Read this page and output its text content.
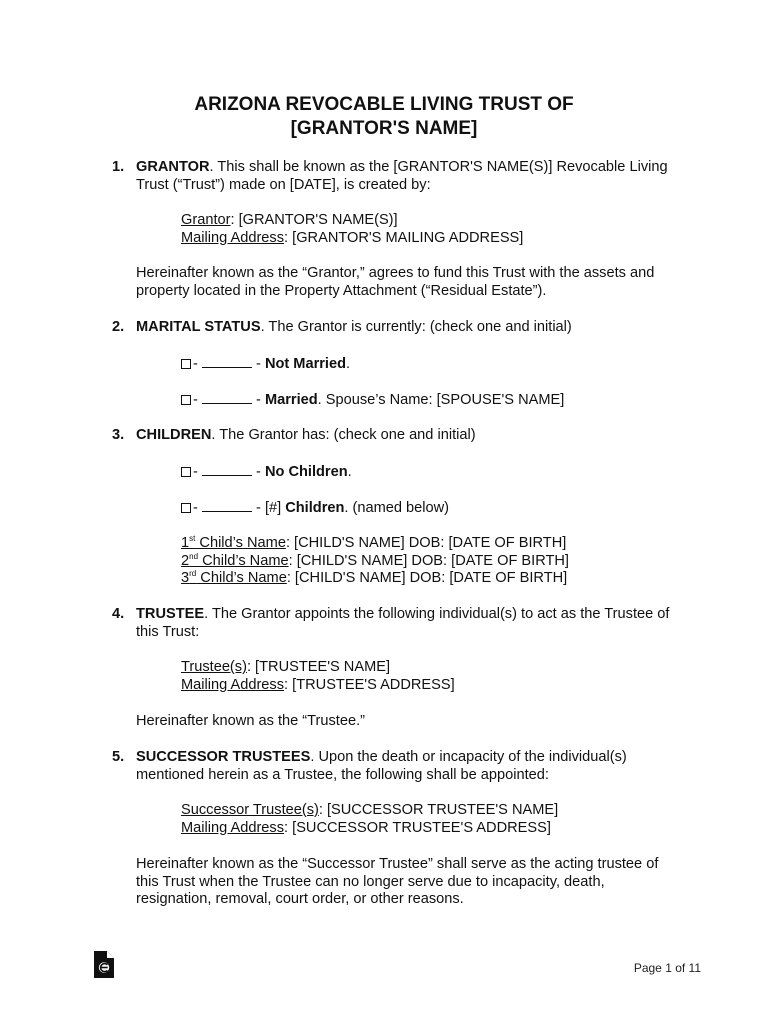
ARIZONA REVOCABLE LIVING TRUST OF
[GRANTOR'S NAME]
1. GRANTOR. This shall be known as the [GRANTOR'S NAME(S)] Revocable Living Trust (“Trust”) made on [DATE], is created by:
Grantor: [GRANTOR'S NAME(S)]
Mailing Address: [GRANTOR'S MAILING ADDRESS]
Hereinafter known as the “Grantor,” agrees to fund this Trust with the assets and property located in the Property Attachment (“Residual Estate”).
2. MARITAL STATUS. The Grantor is currently: (check one and initial)
-	- Not Married.
-	- Married. Spouse’s Name: [SPOUSE'S NAME]
3. CHILDREN. The Grantor has: (check one and initial)
-	- No Children.
-	- [#] Children. (named below)
1st Child’s Name: [CHILD'S NAME] DOB: [DATE OF BIRTH]
2nd Child’s Name: [CHILD'S NAME] DOB: [DATE OF BIRTH]
3rd Child’s Name: [CHILD'S NAME] DOB: [DATE OF BIRTH]
4. TRUSTEE. The Grantor appoints the following individual(s) to act as the Trustee of this Trust:
Trustee(s): [TRUSTEE'S NAME]
Mailing Address: [TRUSTEE'S ADDRESS]
Hereinafter known as the “Trustee.”
5. SUCCESSOR TRUSTEES. Upon the death or incapacity of the individual(s) mentioned herein as a Trustee, the following shall be appointed:
Successor Trustee(s): [SUCCESSOR TRUSTEE'S NAME]
Mailing Address: [SUCCESSOR TRUSTEE'S ADDRESS]
Hereinafter known as the “Successor Trustee” shall serve as the acting trustee of this Trust when the Trustee can no longer serve due to incapacity, death, resignation, removal, court order, or other reasons.
Page 1 of 11
